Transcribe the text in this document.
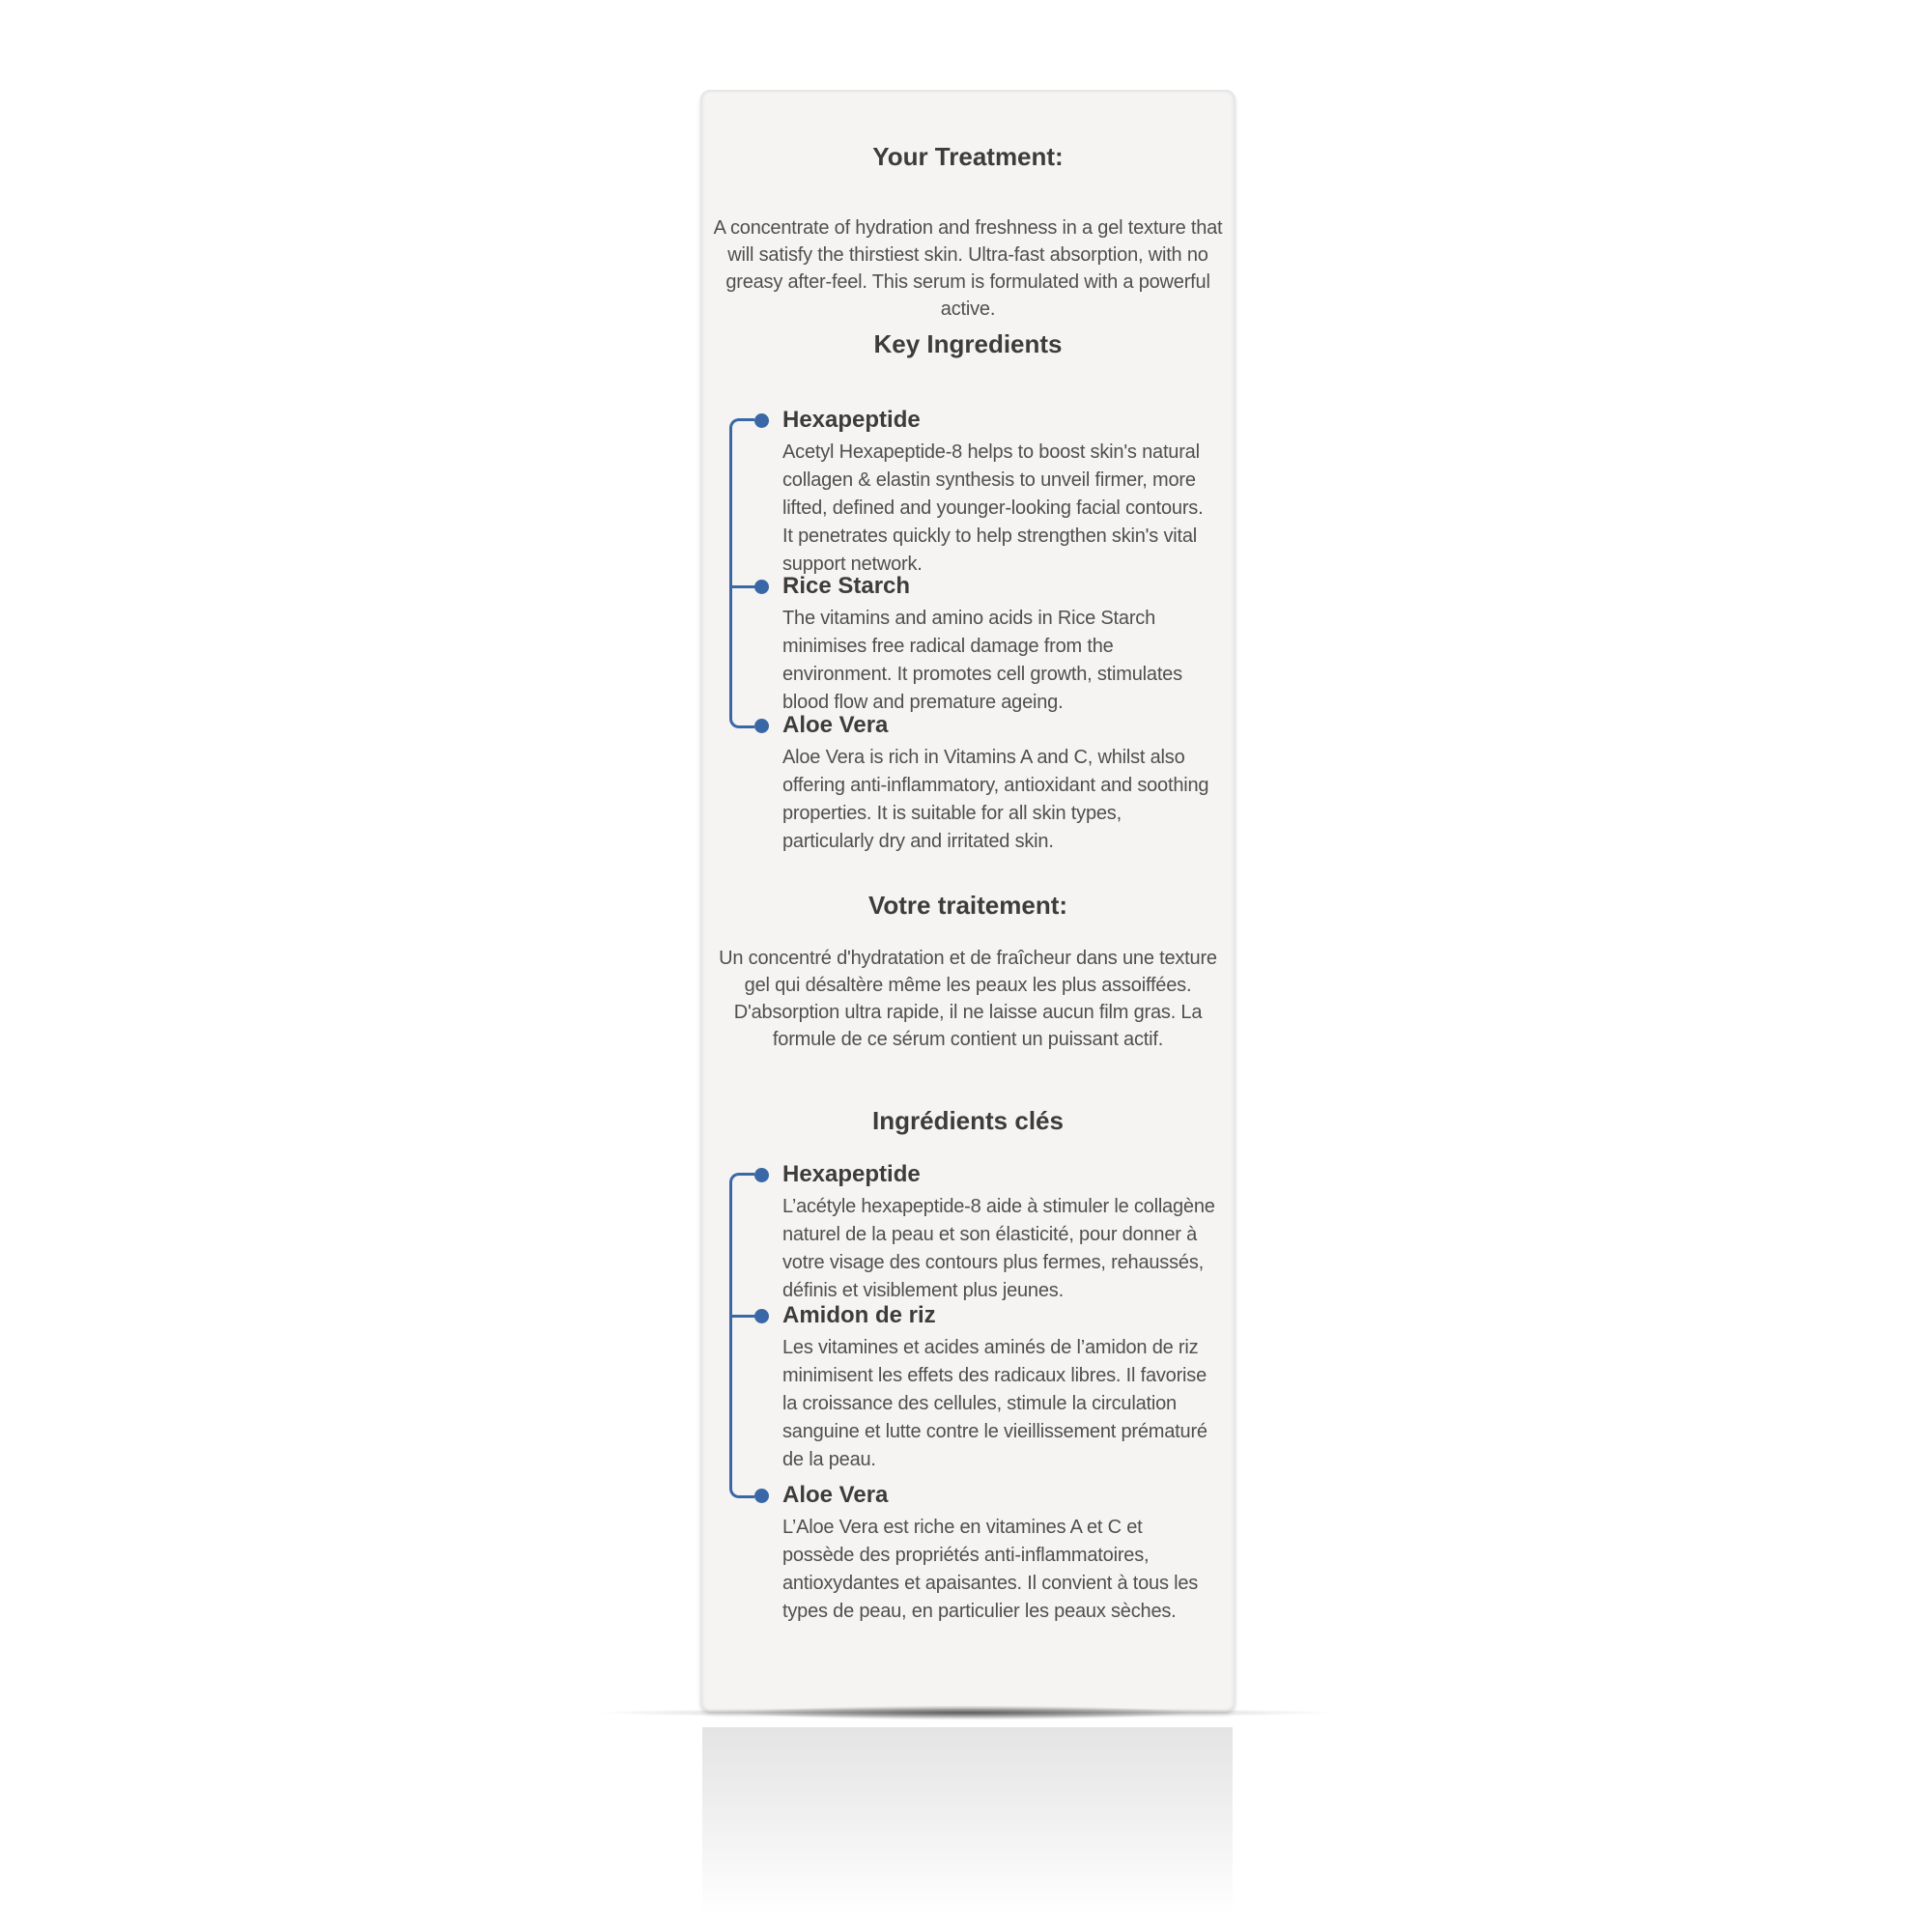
Your Treatment:
A concentrate of hydration and freshness in a gel texture that will satisfy the thirstiest skin. Ultra-fast absorption, with no greasy after-feel. This serum is formulated with a powerful active.
Key Ingredients
Hexapeptide

Acetyl Hexapeptide-8 helps to boost skin's natural collagen & elastin synthesis to unveil firmer, more lifted, defined and younger-looking facial contours. It penetrates quickly to help strengthen skin's vital support network.

Rice Starch

The vitamins and amino acids in Rice Starch minimises free radical damage from the environment. It promotes cell growth, stimulates blood flow and premature ageing.

Aloe Vera

Aloe Vera is rich in Vitamins A and C, whilst also offering anti-inflammatory, antioxidant and soothing properties. It is suitable for all skin types, particularly dry and irritated skin.

Votre traitement:
Un concentré d'hydratation et de fraîcheur dans une texture gel qui désaltère même les peaux les plus assoiffées. D'absorption ultra rapide, il ne laisse aucun film gras. La formule de ce sérum contient un puissant actif.
Ingrédients clés
Hexapeptide

L’acétyle hexapeptide-8 aide à stimuler le collagène naturel de la peau et son élasticité, pour donner à votre visage des contours plus fermes, rehaussés, définis et visiblement plus jeunes.

Amidon de riz

Les vitamines et acides aminés de l’amidon de riz minimisent les effets des radicaux libres. Il favorise la croissance des cellules, stimule la circulation sanguine et lutte contre le vieillissement prématuré de la peau.

Aloe Vera

L’Aloe Vera est riche en vitamines A et C et possède des propriétés anti-inflammatoires, antioxydantes et apaisantes. Il convient à tous les types de peau, en particulier les peaux sèches.
